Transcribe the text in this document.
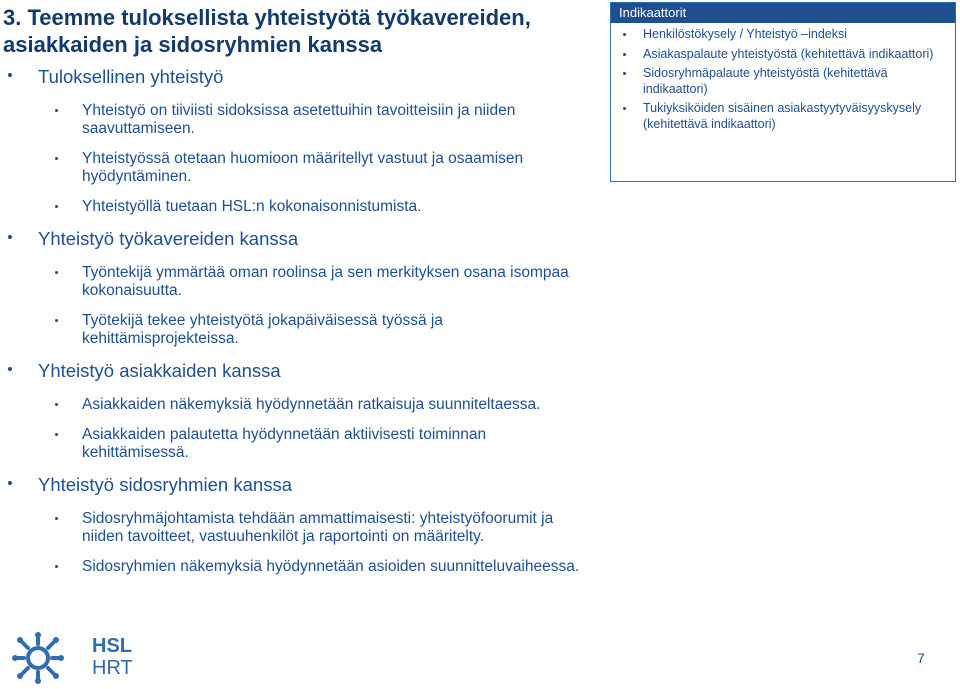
3. Teemme tuloksellista yhteistyötä työkavereiden, asiakkaiden ja sidosryhmien kanssa
Tuloksellinen yhteistyö
Yhteistyö on tiiviisti sidoksissa asetettuihin tavoitteisiin ja niiden saavuttamiseen.
Yhteistyössä otetaan huomioon määritellyt vastuut ja osaamisen hyödyntäminen.
Yhteistyöllä tuetaan HSL:n kokonaisonnistumista.
Yhteistyö työkavereiden kanssa
Työntekijä ymmärtää oman roolinsa ja sen merkityksen osana isompaa kokonaisuutta.
Työtekijä tekee yhteistyötä jokapäiväisessä työssä ja kehittämisprojekteissa.
Yhteistyö asiakkaiden kanssa
Asiakkaiden näkemyksiä hyödynnetään ratkaisuja suunniteltaessa.
Asiakkaiden palautetta hyödynnetään aktiivisesti toiminnan kehittämisessä.
Yhteistyö sidosryhmien kanssa
Sidosryhmäjohtamista tehdään ammattimaisesti: yhteistyöfoorumit ja niiden tavoitteet, vastuuhenkilöt ja raportointi on määritelty.
Sidosryhmien näkemyksiä hyödynnetään asioiden suunnitteluvaiheessa.
Indikaattorit
Henkilöstökysely / Yhteistyö –indeksi
Asiakaspalaute yhteistyöstä (kehitettävä indikaattori)
Sidosryhmäpalaute yhteistyöstä (kehitettävä indikaattori)
Tukiyksiköiden sisäinen asiakastyytyväisyyskysely (kehitettävä indikaattori)
HSL
HRT	7
